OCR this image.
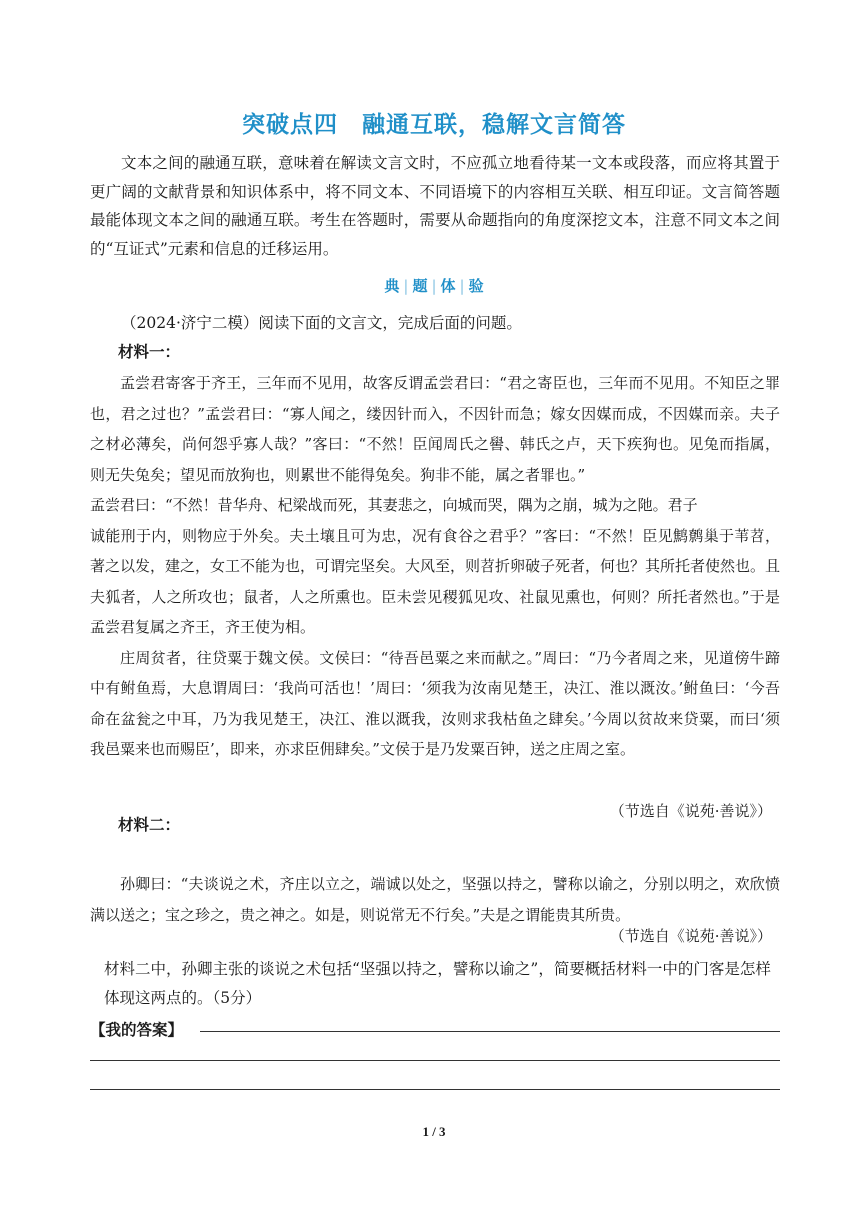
突破点四　融通互联，稳解文言简答
文本之间的融通互联，意味着在解读文言文时，不应孤立地看待某一文本或段落，而应将其置于更广阔的文献背景和知识体系中，将不同文本、不同语境下的内容相互关联、相互印证。文言简答题最能体现文本之间的融通互联。考生在答题时，需要从命题指向的角度深挖文本，注意不同文本之间的“互证式”元素和信息的迁移运用。
典 | 题 | 体 | 验
（2024·济宁二模）阅读下面的文言文，完成后面的问题。
材料一：
孟尝君寄客于齐王，三年而不见用，故客反谓孟尝君曰：“君之寄臣也，三年而不见用。不知臣之罪也，君之过也？”孟尝君曰：“寡人闻之，缕因针而入，不因针而急；嫁女因媒而成，不因媒而亲。夫子之材必薄矣，尚何怨乎寡人哉？”客曰：“不然！臣闻周氏之嚳、韩氏之卢，天下疾狗也。见兔而指属，则无失兔矣；望见而放狗也，则累世不能得兔矣。狗非不能，属之者罪也。”
孟尝君曰：“不然！昔华舟、杞梁战而死，其妻悲之，向城而哭，隅为之崩，城为之阤。君子
诚能刑于内，则物应于外矣。夫土壤且可为忠，况有食谷之君乎？”客曰：“不然！臣见鹪鹩巢于苇苕，著之以发，建之，女工不能为也，可谓完坚矣。大风至，则苕折卵破子死者，何也？其所托者使然也。且夫狐者，人之所攻也；鼠者，人之所熏也。臣未尝见稷狐见攻、社鼠见熏也，何则？所托者然也。”于是孟尝君复属之齐王，齐王使为相。
庄周贫者，往贷粟于魏文侯。文侯曰：“待吾邑粟之来而献之。”周曰：“乃今者周之来，见道傍牛蹄中有鲋鱼焉，大息谓周曰：‘我尚可活也！’周曰：‘须我为汝南见楚王，决江、淮以溉汝。’鲋鱼曰：‘今吾命在盆瓮之中耳，乃为我见楚王，决江、淮以溉我，汝则求我枯鱼之肆矣。’今周以贫故来贷粟，而曰‘须我邑粟来也而赐臣’，即来，亦求臣佣肆矣。”文侯于是乃发粟百钟，送之庄周之室。
（节选自《说苑·善说》）
材料二：
孙卿曰：“夫谈说之术，齐庄以立之，端诚以处之，坚强以持之，譬称以谕之，分别以明之，欢欣愤满以送之；宝之珍之，贵之神之。如是，则说常无不行矣。”夫是之谓能贵其所贵。
（节选自《说苑·善说》）
材料二中，孙卿主张的谈说之术包括“坚强以持之，譬称以谕之”，简要概括材料一中的门客是怎样体现这两点的。（5分）
【我的答案】
1 / 3
